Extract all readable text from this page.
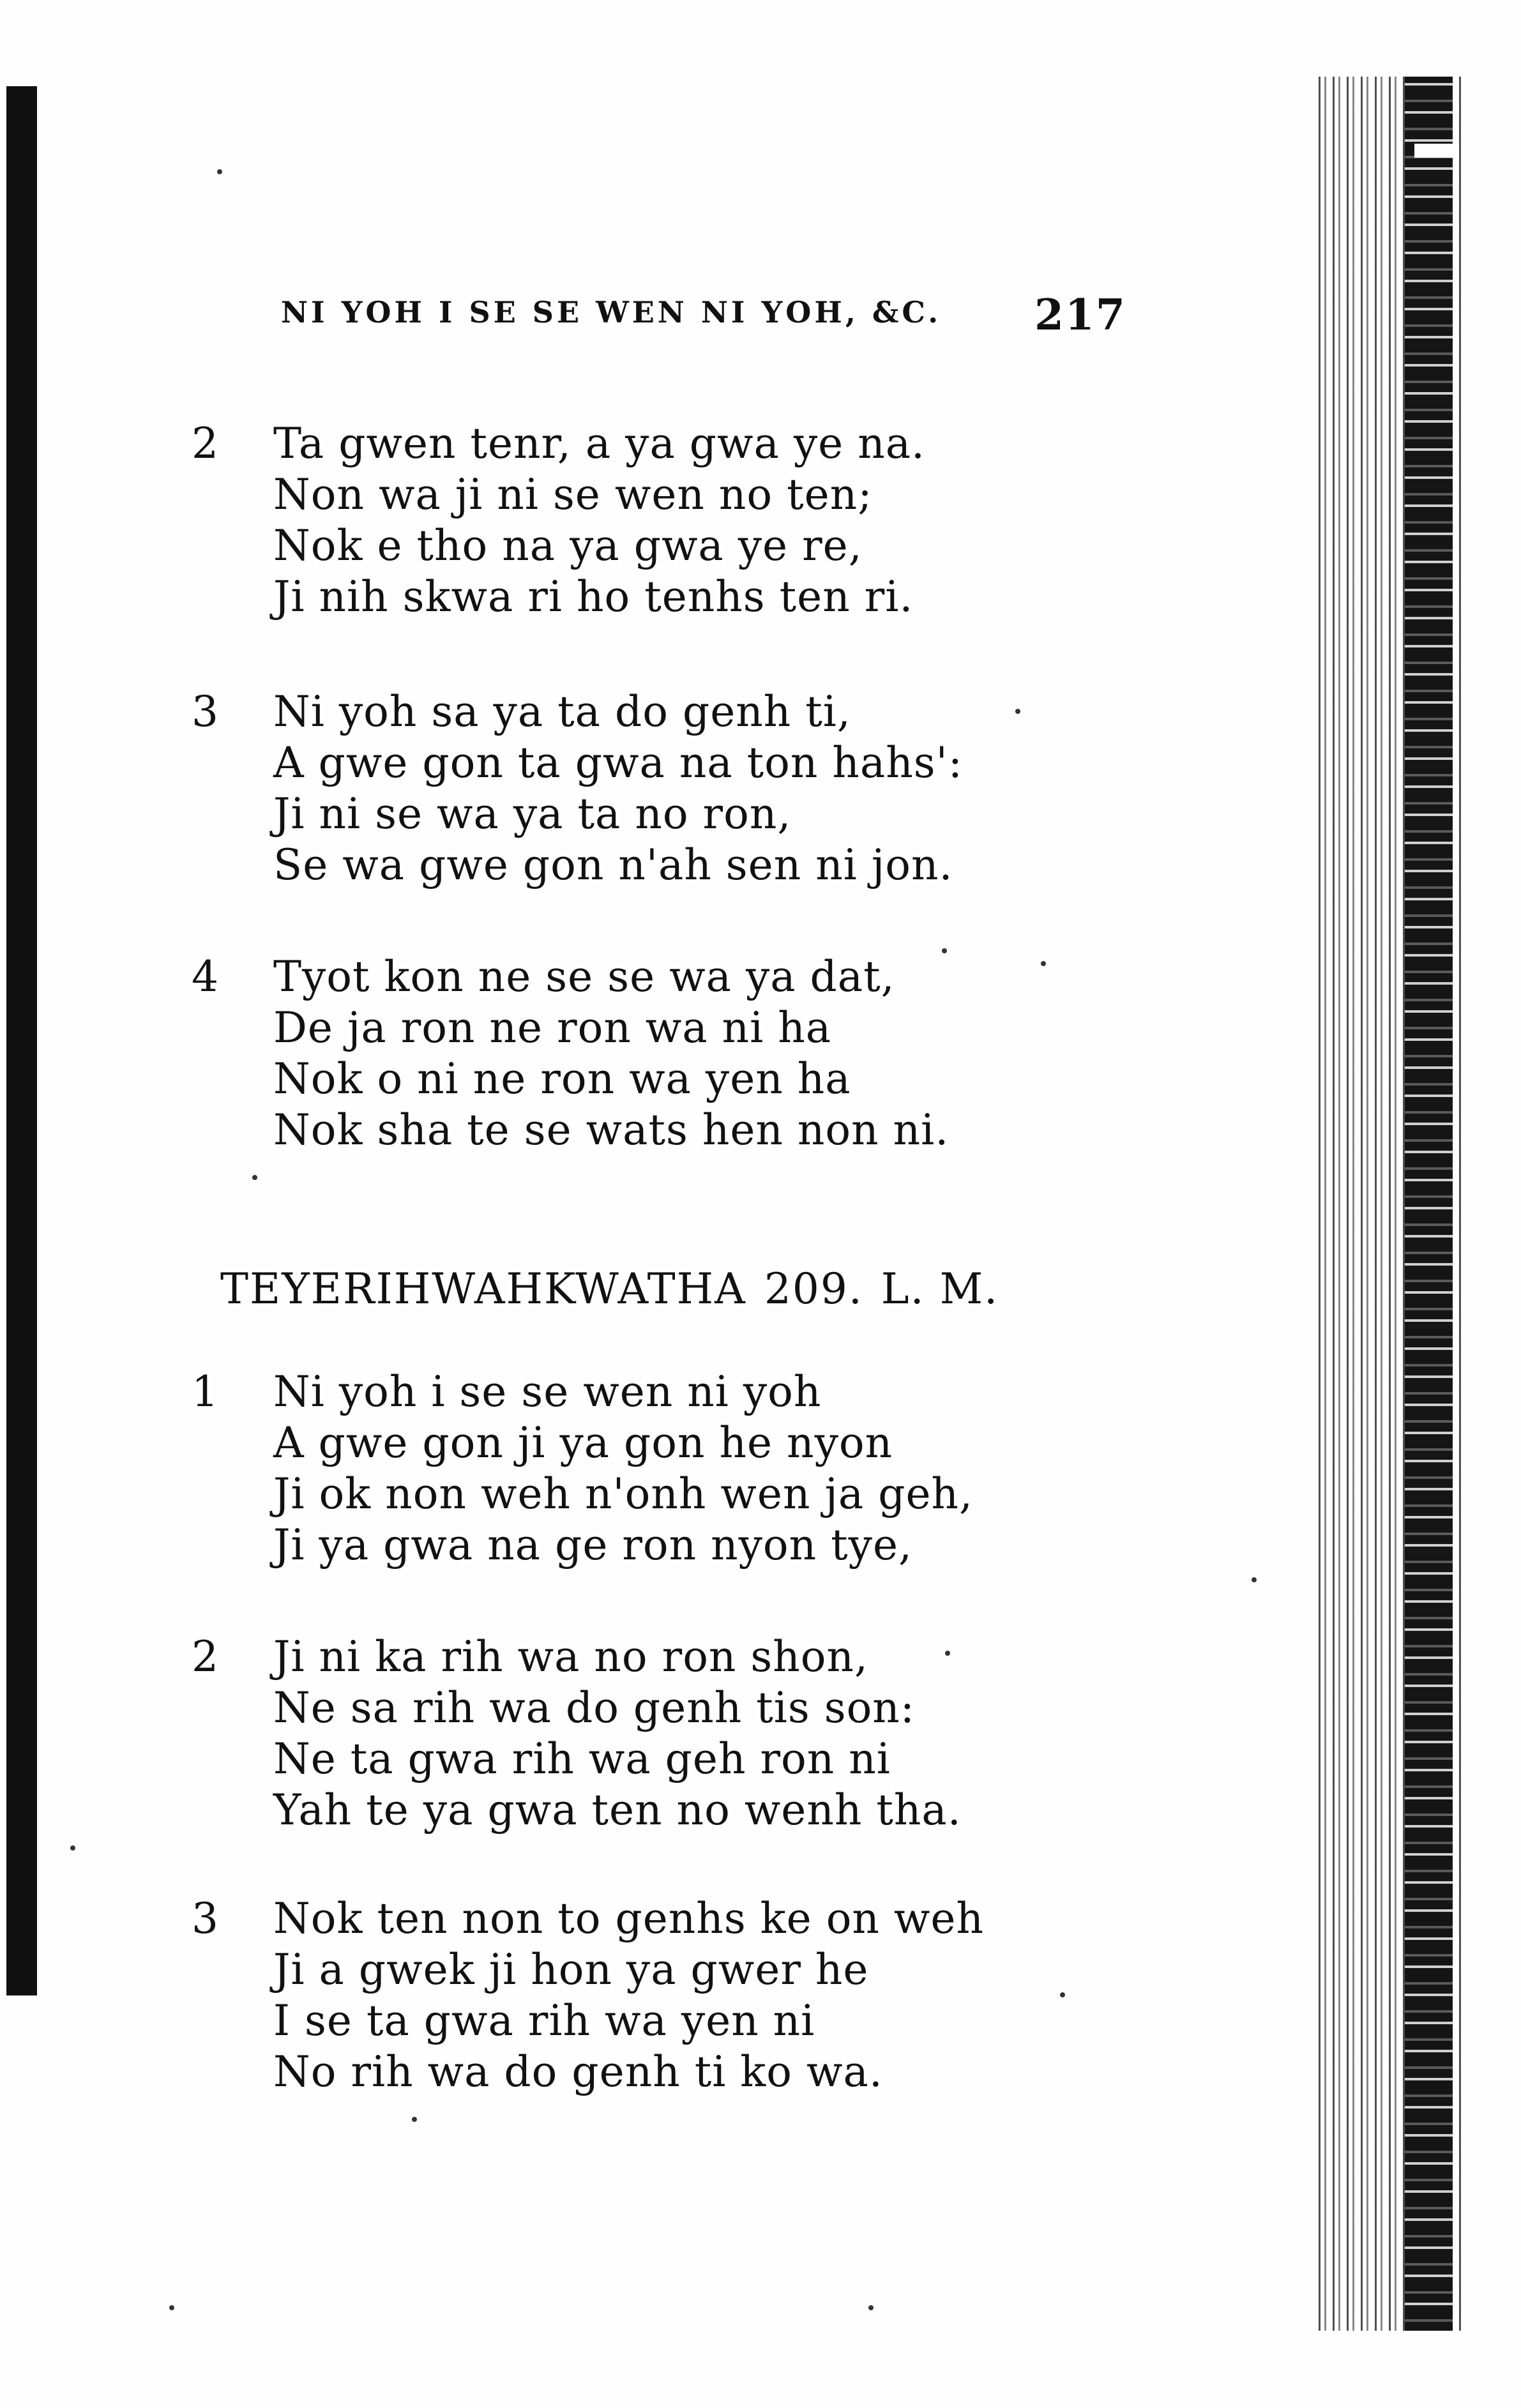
NI YOH I SE SE WEN NI YOH, &C. 217
2 Ta gwen tenr, a ya gwa ye na.
Non wa ji ni se wen no ten;
Nok e tho na ya gwa ye re,
Ji nih skwa ri ho tenhs ten ri.
3 Ni yoh sa ya ta do genh ti,
A gwe gon ta gwa na ton hahs':
Ji ni se wa ya ta no ron,
Se wa gwe gon n'ah sen ni jon.
4 Tyot kon ne se se wa ya dat,
De ja ron ne ron wa ni ha
Nok o ni ne ron wa yen ha
Nok sha te se wats hen non ni.
TEYERIHWAHKWATHA 209. L. M.
1 Ni yoh i se se wen ni yoh
A gwe gon ji ya gon he nyon
Ji ok non weh n'onh wen ja geh,
Ji ya gwa na ge ron nyon tye,
2 Ji ni ka rih wa no ron shon,
Ne sa rih wa do genh tis son:
Ne ta gwa rih wa geh ron ni
Yah te ya gwa ten no wenh tha.
3 Nok ten non to genhs ke on weh
Ji a gwek ji hon ya gwer he
I se ta gwa rih wa yen ni
No rih wa do genh ti ko wa.
